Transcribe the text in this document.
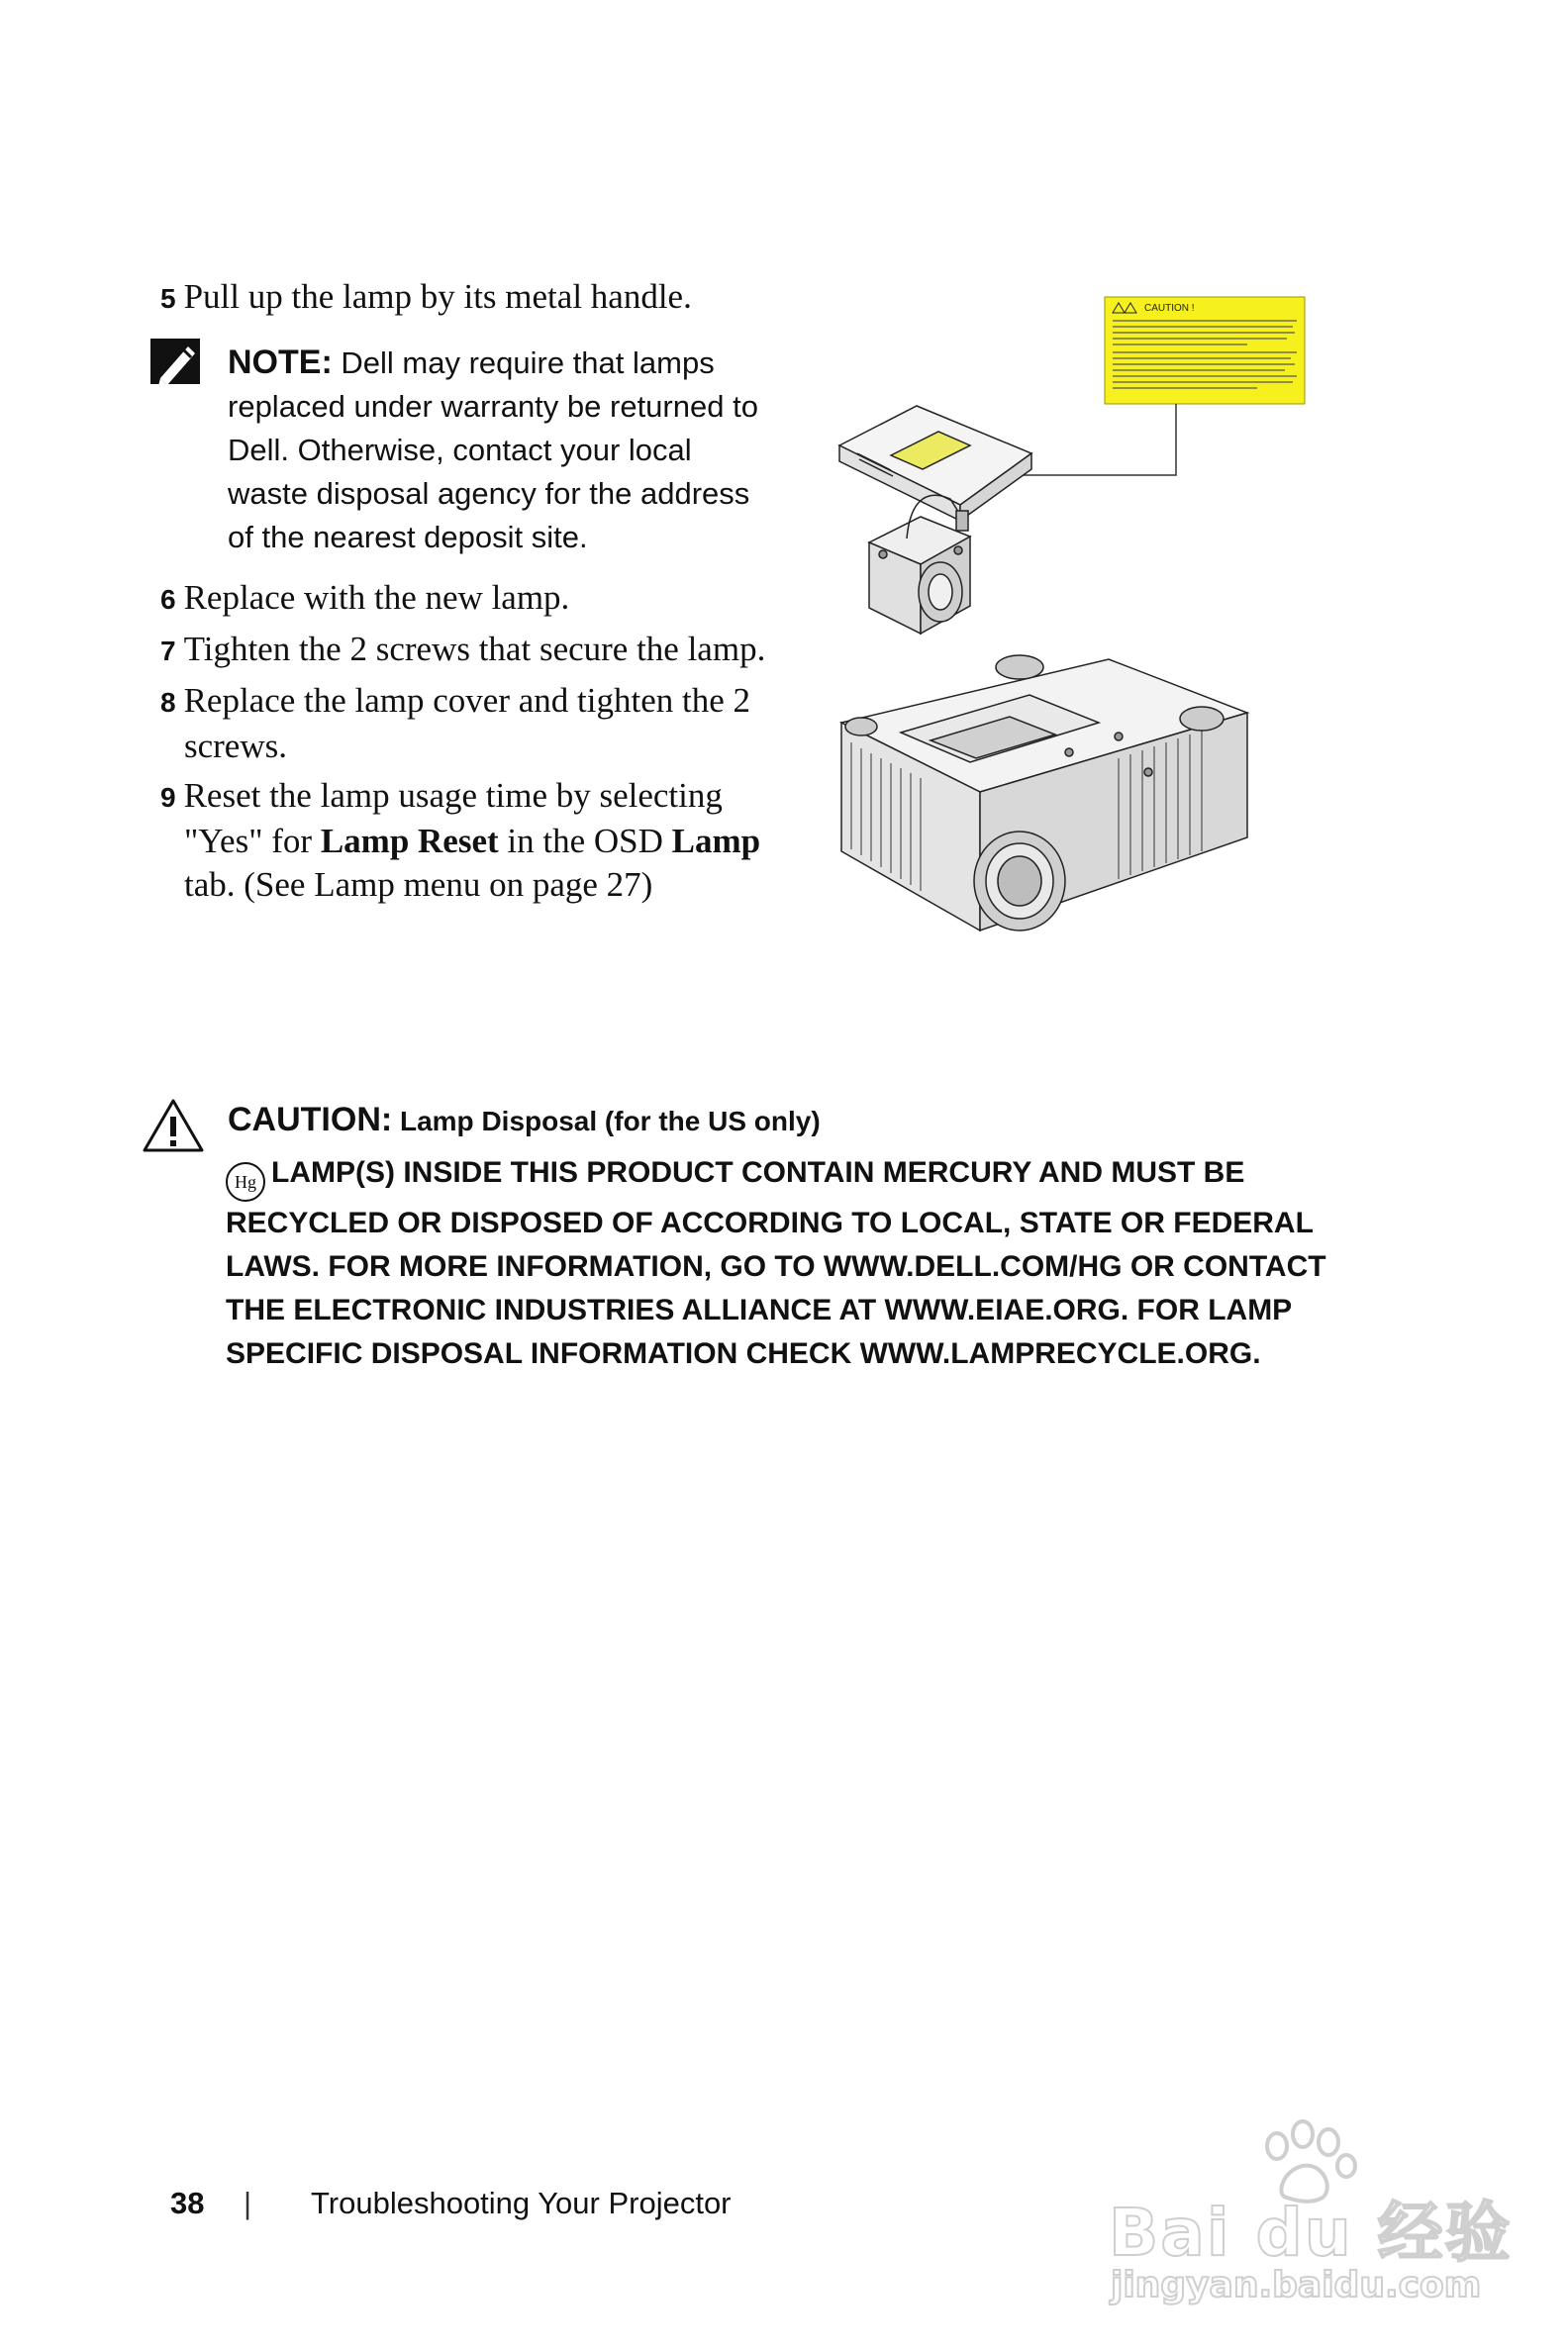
5 Pull up the lamp by its metal handle.
NOTE: Dell may require that lamps
replaced under warranty be returned to
Dell. Otherwise, contact your local
waste disposal agency for the address
of the nearest deposit site.
6 Replace with the new lamp.
7 Tighten the 2 screws that secure the lamp.
8 Replace the lamp cover and tighten the 2
screws.
9 Reset the lamp usage time by selecting
"Yes" for Lamp Reset in the OSD Lamp
tab. (See Lamp menu on page 27)
CAUTION !
CAUTION: Lamp Disposal (for the US only)
Hg LAMP(S) INSIDE THIS PRODUCT CONTAIN MERCURY AND MUST BE
RECYCLED OR DISPOSED OF ACCORDING TO LOCAL, STATE OR FEDERAL
LAWS. FOR MORE INFORMATION, GO TO WWW.DELL.COM/HG OR CONTACT
THE ELECTRONIC INDUSTRIES ALLIANCE AT WWW.EIAE.ORG. FOR LAMP
SPECIFIC DISPOSAL INFORMATION CHECK WWW.LAMPRECYCLE.ORG.
38 | Troubleshooting Your Projector	Bai du 经验
jingyan.baidu.com
